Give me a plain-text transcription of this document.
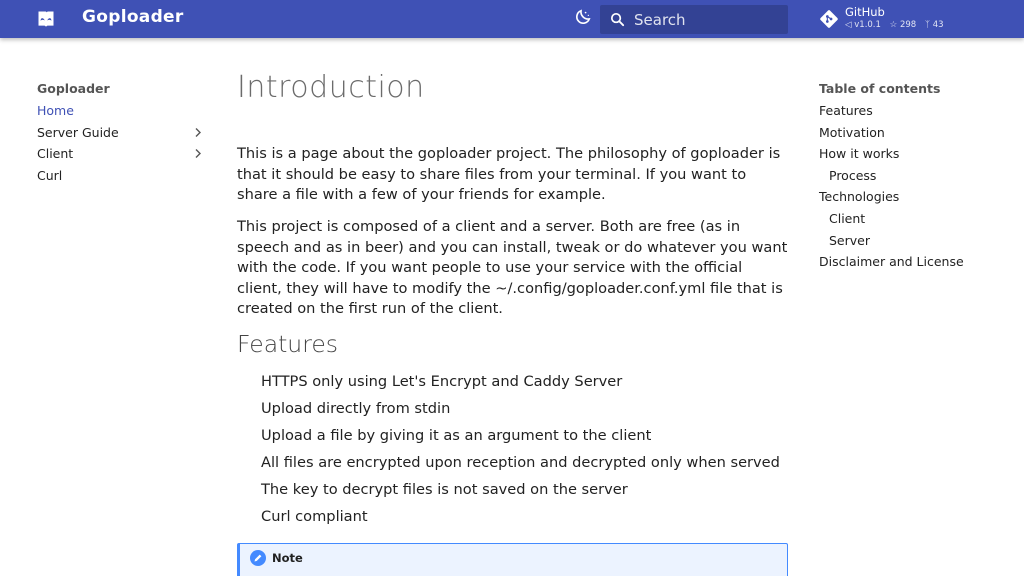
Goploader
Search	GitHub
◁ v1.0.1 ☆ 298 ᛉ 43
Goploader
Home
Server Guide
Client
Curl
Introduction

This is a page about the goploader project. The philosophy of goploader is that it should be easy to share files from your terminal. If you want to share a file with a few of your friends for example.

This project is composed of a client and a server. Both are free (as in speech and as in beer) and you can install, tweak or do whatever you want with the code. If you want people to use your service with the official client, they will have to modify the ~/.config/goploader.conf.yml file that is created on the first run of the client.

Features
HTTPS only using Let's Encrypt and Caddy Server
Upload directly from stdin
Upload a file by giving it as an argument to the client
All files are encrypted upon reception and decrypted only when served
The key to decrypt files is not saved on the server
Curl compliant
Note
Table of contents
Features
Motivation
How it works
Process
Technologies
Client
Server
Disclaimer and License
